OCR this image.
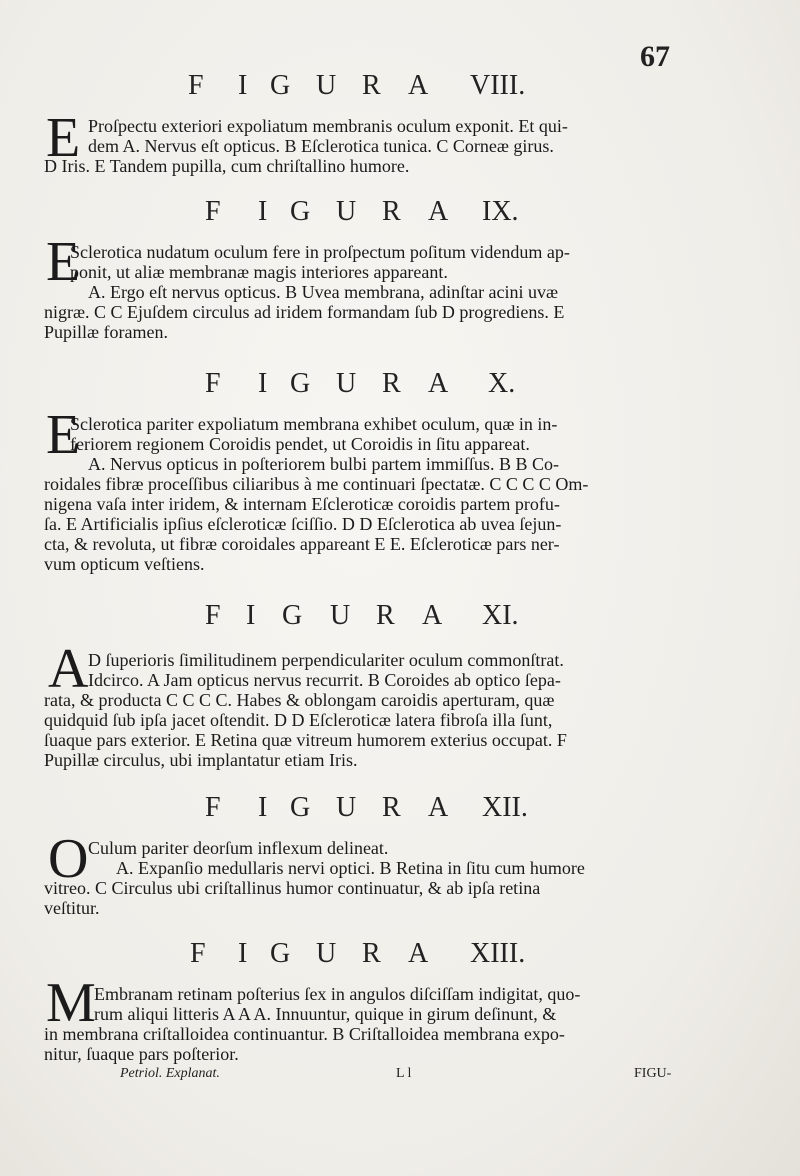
67
F I G U R A VIII.
E Proſpectu exteriori expoliatum membranis oculum exponit. Et qui-
dem A. Nervus eſt opticus. B Eſclerotica tunica. C Corneæ girus.
D Iris. E Tandem pupilla, cum chriſtallino humore.
F I G U R A IX.
E
Sclerotica nudatum oculum fere in proſpectum poſitum videndum ap-
ponit, ut aliæ membranæ magis interiores appareant.
A. Ergo eſt nervus opticus. B Uvea membrana, adinſtar acini uvæ
nigræ. C C Ejuſdem circulus ad iridem formandam ſub D progrediens. E
Pupillæ foramen.
F I G U R A X.
E
Sclerotica pariter expoliatum membrana exhibet oculum, quæ in in-
feriorem regionem Coroidis pendet, ut Coroidis in ſitu appareat.
A. Nervus opticus in poſteriorem bulbi partem immiſſus. B B Co-
roidales fibræ proceſſibus ciliaribus à me continuari ſpectatæ. C C C C Om-
nigena vaſa inter iridem, & internam Eſcleroticæ coroidis partem profu-
ſa. E Artificialis ipſius eſcleroticæ ſciſſio. D D Eſclerotica ab uvea ſejun-
cta, & revoluta, ut fibræ coroidales appareant E E. Eſcleroticæ pars ner-
vum opticum veſtiens.
F I G U R A XI.
A D ſuperioris ſimilitudinem perpendiculariter oculum commonſtrat.
Idcirco. A Jam opticus nervus recurrit. B Coroides ab optico ſepa-
rata, & producta C C C C. Habes & oblongam caroidis aperturam, quæ
quidquid ſub ipſa jacet oſtendit. D D Eſcleroticæ latera fibroſa illa ſunt,
ſuaque pars exterior. E Retina quæ vitreum humorem exterius occupat. F
Pupillæ circulus, ubi implantatur etiam Iris.
F I G U R A XII.
O Culum pariter deorſum inflexum delineat.
A. Expanſio medullaris nervi optici. B Retina in ſitu cum humore
vitreo. C Circulus ubi criſtallinus humor continuatur, & ab ipſa retina
veſtitur.
F I G U R A XIII.
M
Embranam retinam poſterius ſex in angulos diſciſſam indigitat, quo-
rum aliqui litteris A A A. Innuuntur, quique in girum deſinunt, &
in membrana criſtalloidea continuantur. B Criſtalloidea membrana expo-
nitur, ſuaque pars poſterior.
Petriol. Explanat.	L l	FIGU-
